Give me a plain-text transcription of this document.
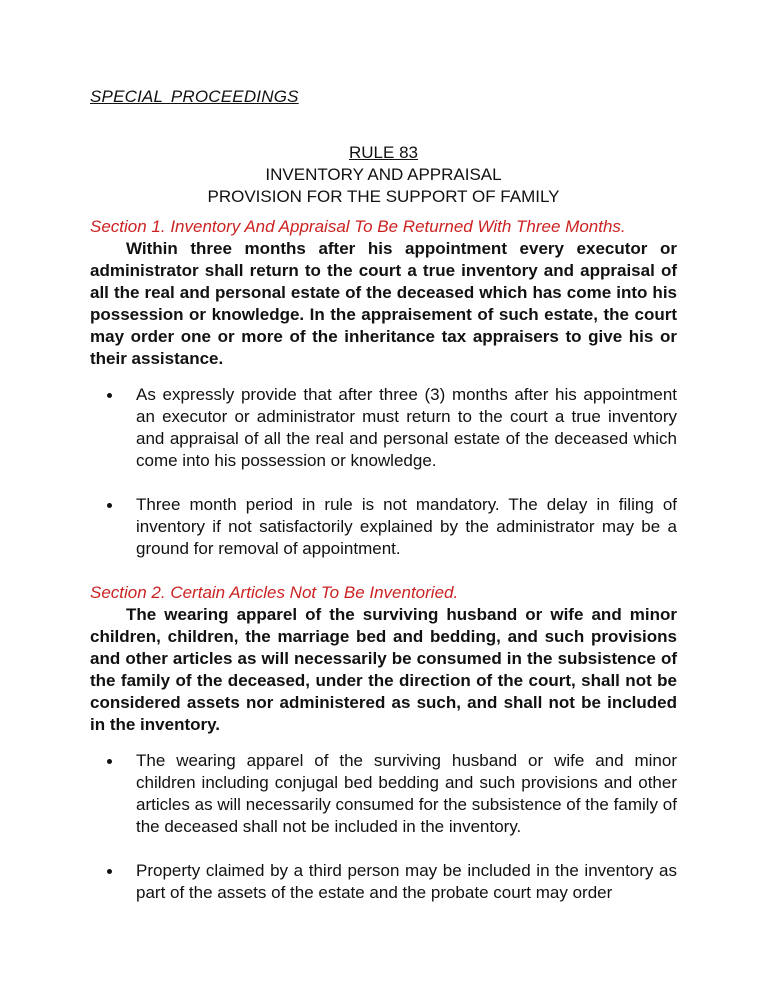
SPECIAL PROCEEDINGS

RULE 83
INVENTORY AND APPRAISAL
PROVISION FOR THE SUPPORT OF FAMILY

Section 1. Inventory And Appraisal To Be Returned With Three Months.

Within three months after his appointment every executor or administrator shall return to the court a true inventory and appraisal of all the real and personal estate of the deceased which has come into his possession or knowledge. In the appraisement of such estate, the court may order one or more of the inheritance tax appraisers to give his or their assistance.

As expressly provide that after three (3) months after his appointment an executor or administrator must return to the court a true inventory and appraisal of all the real and personal estate of the deceased which come into his possession or knowledge.
Three month period in rule is not mandatory. The delay in filing of inventory if not satisfactorily explained by the administrator may be a ground for removal of appointment.

Section 2. Certain Articles Not To Be Inventoried.

The wearing apparel of the surviving husband or wife and minor children, children, the marriage bed and bedding, and such provisions and other articles as will necessarily be consumed in the subsistence of the family of the deceased, under the direction of the court, shall not be considered assets nor administered as such, and shall not be included in the inventory.

The wearing apparel of the surviving husband or wife and minor children including conjugal bed bedding and such provisions and other articles as will necessarily consumed for the subsistence of the family of the deceased shall not be included in the inventory.
Property claimed by a third person may be included in the inventory as part of the assets of the estate and the probate court may order
